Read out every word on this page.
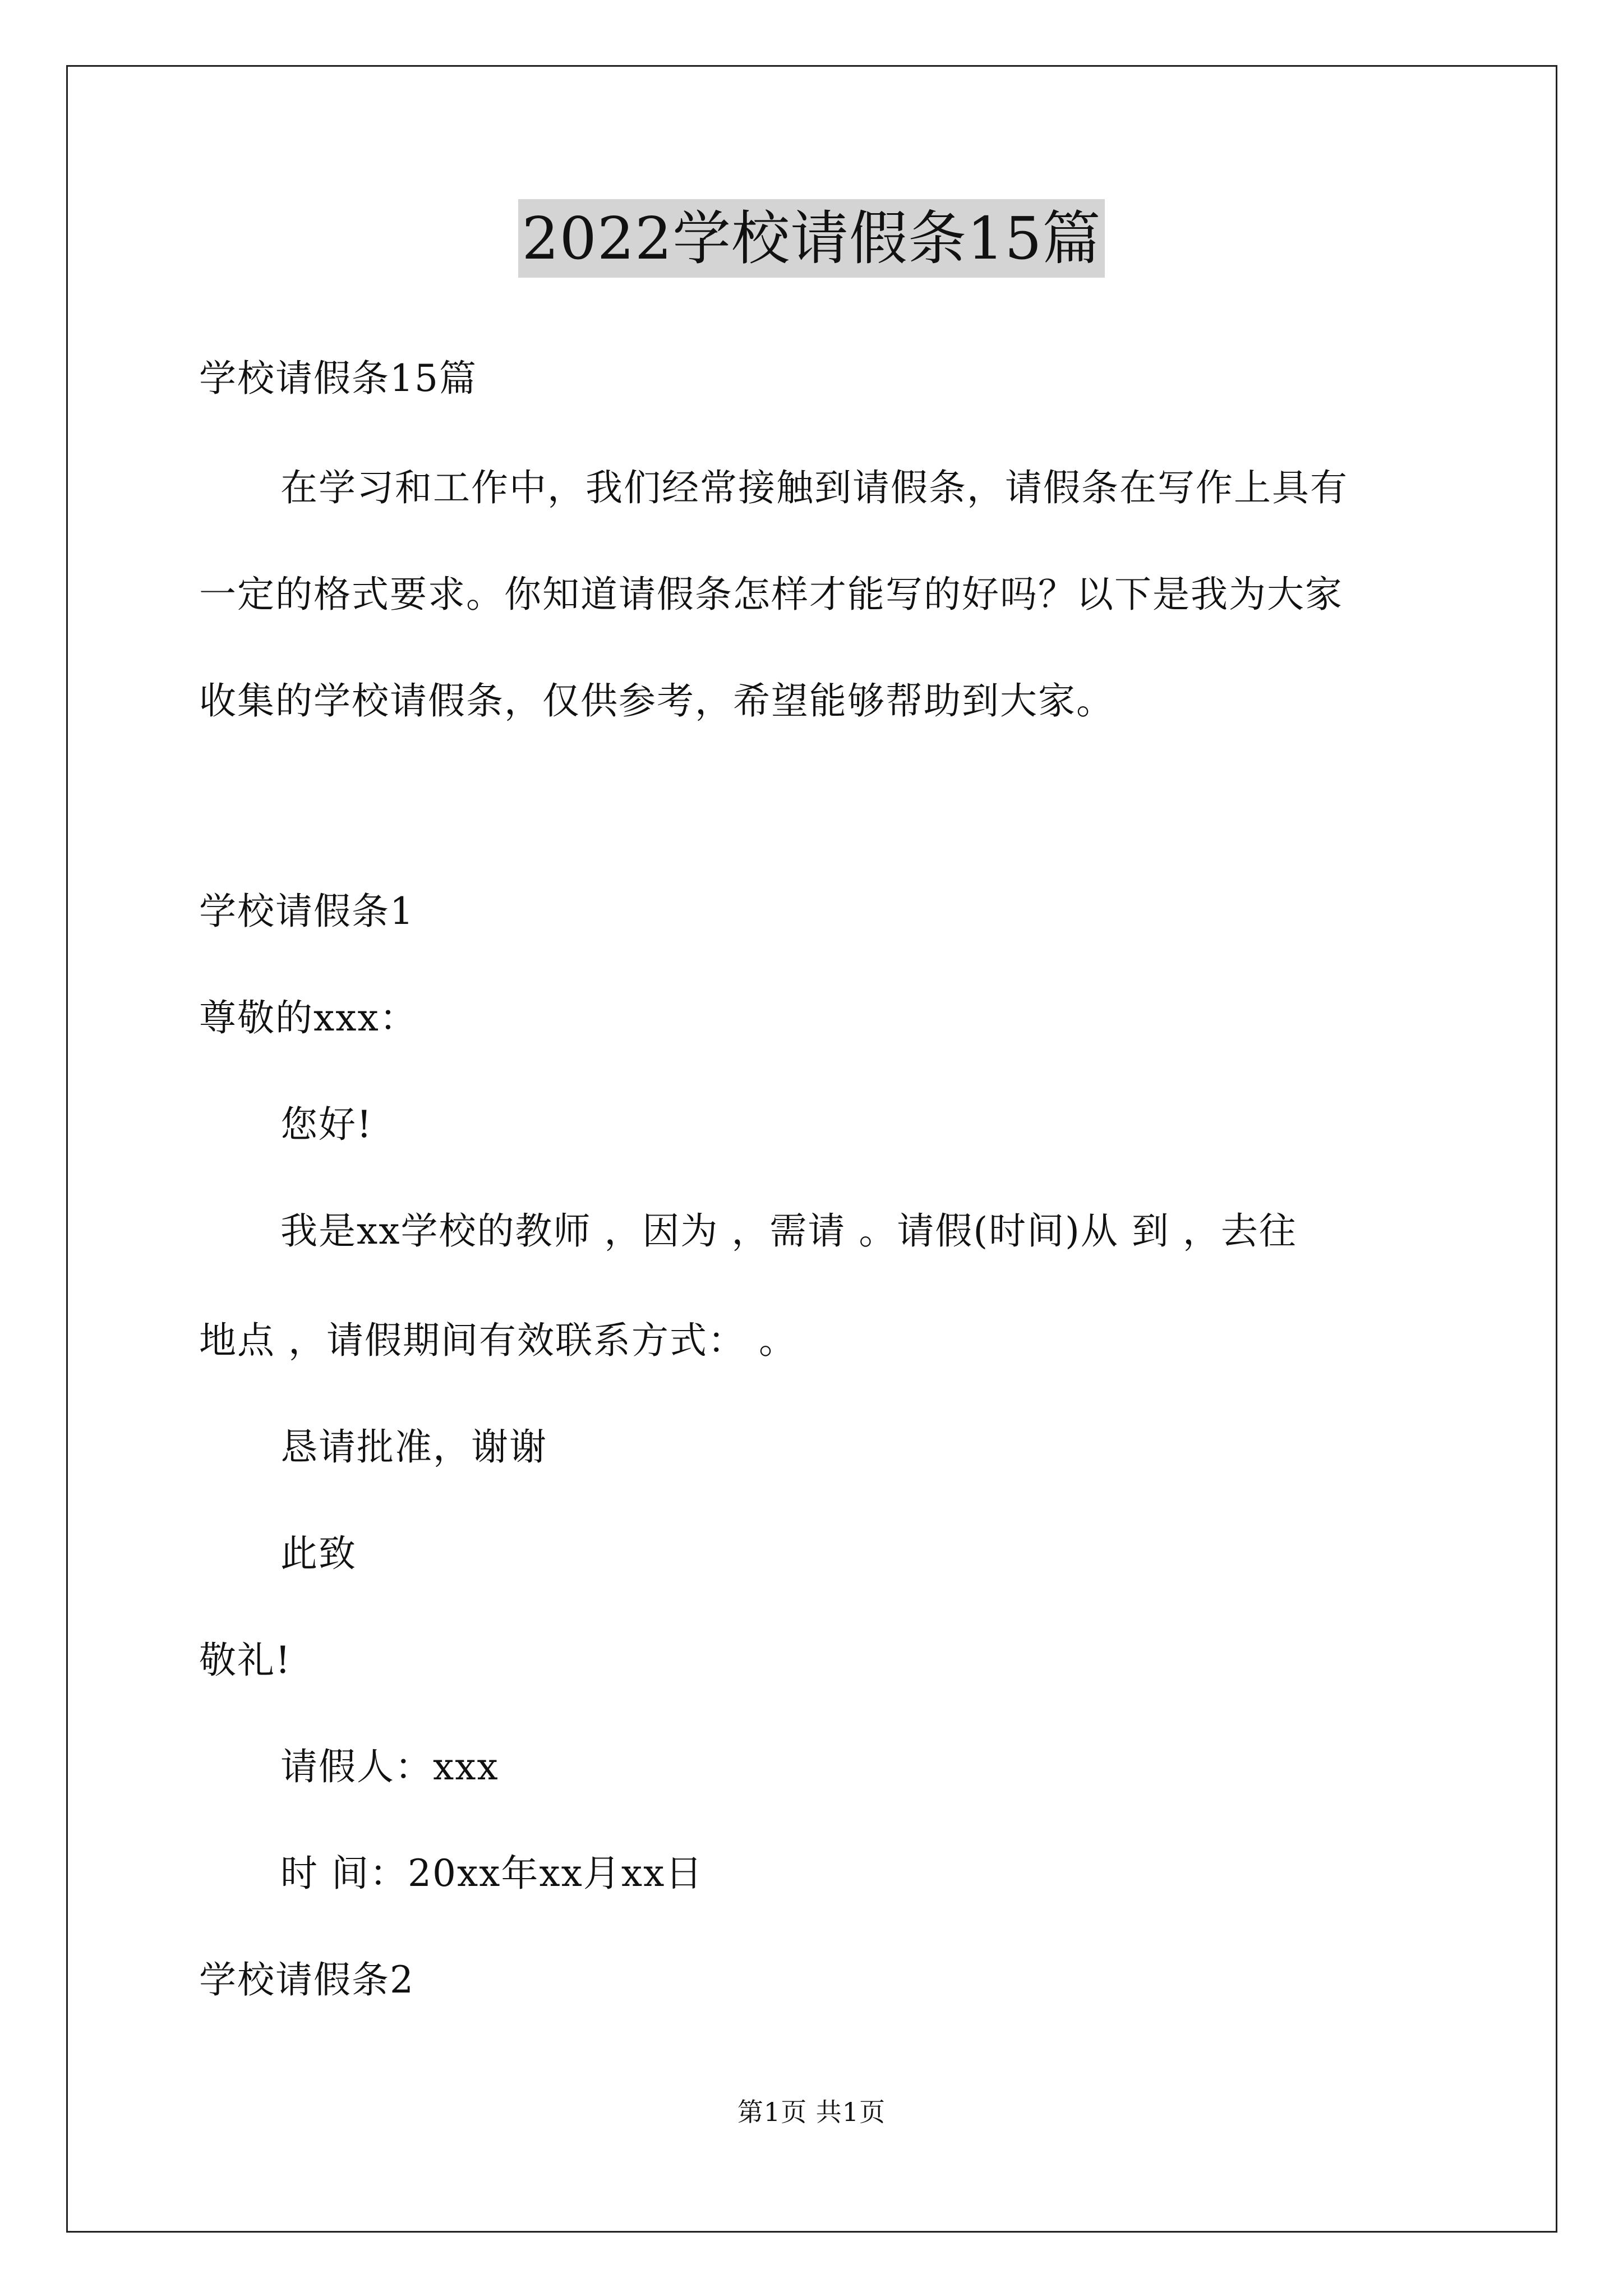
2022学校请假条15篇
学校请假条15篇
在学习和工作中，我们经常接触到请假条，请假条在写作上具有
一定的格式要求。你知道请假条怎样才能写的好吗？以下是我为大家
收集的学校请假条，仅供参考，希望能够帮助到大家。
学校请假条1
尊敬的xxx：
您好!
我是xx学校的教师 ，因为 ，需请 。请假(时间)从 到 ，去往
地点 ，请假期间有效联系方式： 。
恳请批准，谢谢
此致
敬礼!
请假人：xxx
时 间：20xx年xx月xx日
学校请假条2
第1页 共1页
